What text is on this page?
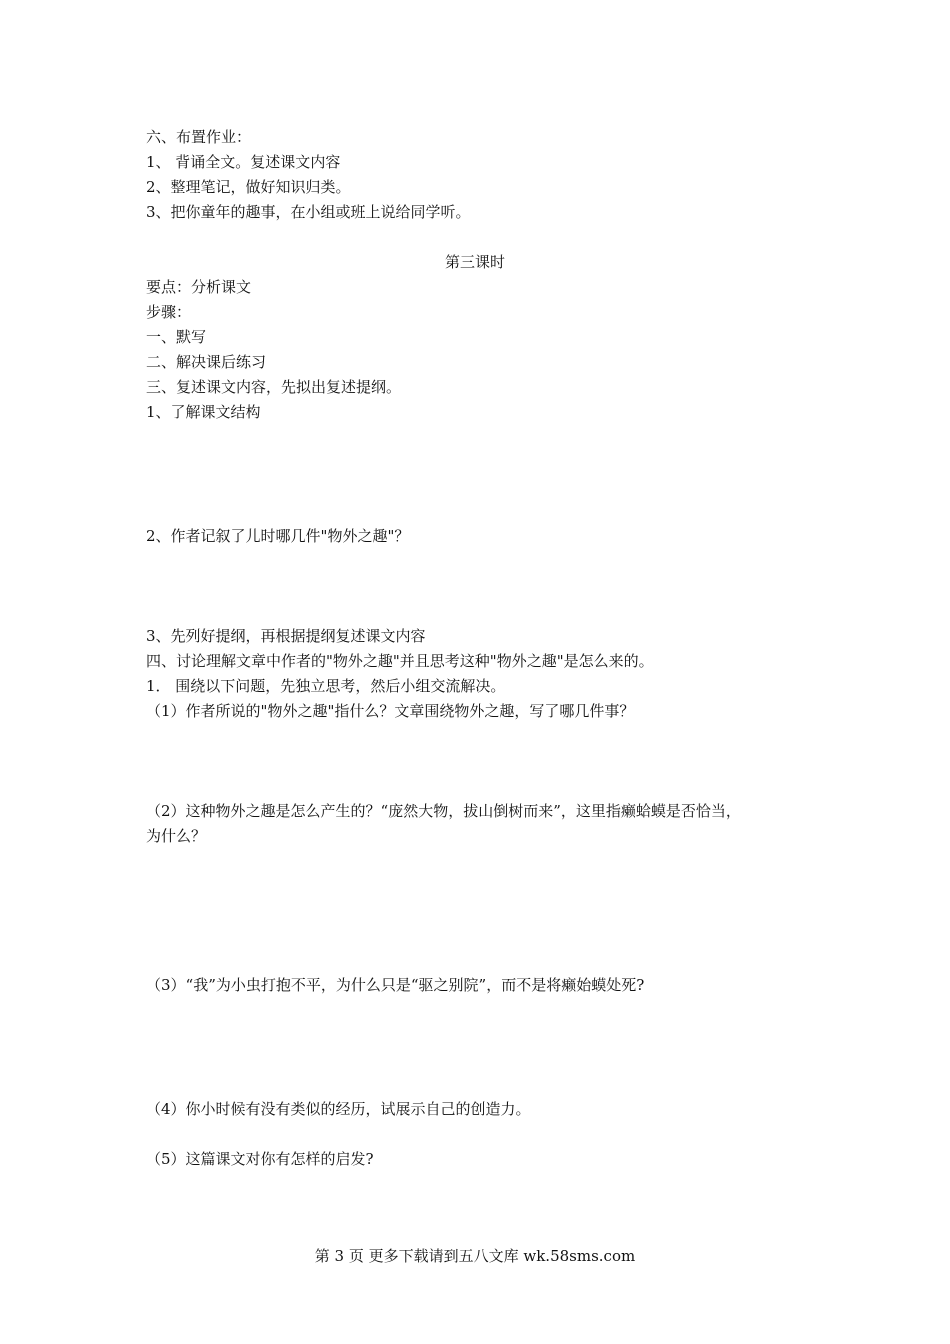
六、布置作业：
1、 背诵全文。复述课文内容
2、整理笔记，做好知识归类。
3、把你童年的趣事，在小组或班上说给同学听。
第三课时
要点：分析课文
步骤：
一、默写
二、解决课后练习
三、复述课文内容，先拟出复述提纲。
1、了解课文结构
2、作者记叙了儿时哪几件"物外之趣"？
3、先列好提纲，再根据提纲复述课文内容
四、讨论理解文章中作者的"物外之趣"并且思考这种"物外之趣"是怎么来的。
1． 围绕以下问题，先独立思考，然后小组交流解决。
（1）作者所说的"物外之趣"指什么？文章围绕物外之趣，写了哪几件事？
（2）这种物外之趣是怎么产生的？“庞然大物，拔山倒树而来”，这里指癞蛤蟆是否恰当，
为什么？
（3）“我”为小虫打抱不平，为什么只是“驱之别院”，而不是将癞始蟆处死?
（4）你小时候有没有类似的经历，试展示自己的创造力。
（5）这篇课文对你有怎样的启发?
第 3 页 更多下载请到五八文库 wk.58sms.com
